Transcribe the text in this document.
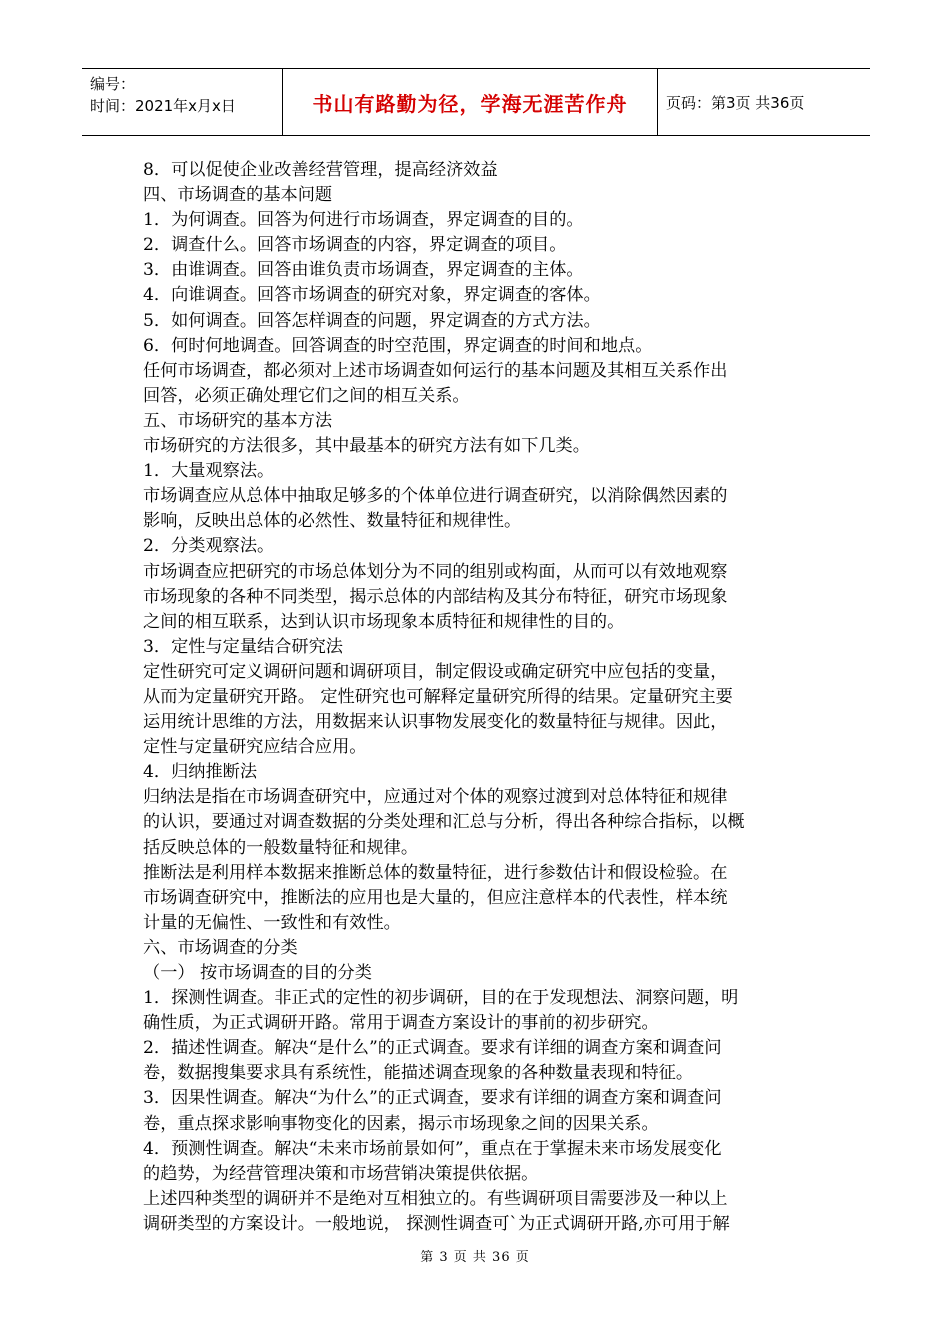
编号：
时间：2021年x月x日	书山有路勤为径，学海无涯苦作舟	页码：第3页 共36页
8．可以促使企业改善经营管理，提高经济效益
四、市场调查的基本问题
1．为何调查。回答为何进行市场调查，界定调查的目的。
2．调查什么。回答市场调查的内容，界定调查的项目。
3．由谁调查。回答由谁负责市场调查，界定调查的主体。
4．向谁调查。回答市场调查的研究对象，界定调查的客体。
5．如何调查。回答怎样调查的问题，界定调查的方式方法。
6．何时何地调查。回答调查的时空范围，界定调查的时间和地点。
任何市场调查，都必须对上述市场调查如何运行的基本问题及其相互关系作出
回答，必须正确处理它们之间的相互关系。
五、市场研究的基本方法
市场研究的方法很多，其中最基本的研究方法有如下几类。
1．大量观察法。
市场调查应从总体中抽取足够多的个体单位进行调查研究，以消除偶然因素的
影响，反映出总体的必然性、数量特征和规律性。
2．分类观察法。
市场调查应把研究的市场总体划分为不同的组别或构面，从而可以有效地观察
市场现象的各种不同类型，揭示总体的内部结构及其分布特征，研究市场现象
之间的相互联系，达到认识市场现象本质特征和规律性的目的。
3．定性与定量结合研究法
定性研究可定义调研问题和调研项目，制定假设或确定研究中应包括的变量，
从而为定量研究开路。 定性研究也可解释定量研究所得的结果。定量研究主要
运用统计思维的方法，用数据来认识事物发展变化的数量特征与规律。因此，
定性与定量研究应结合应用。
4．归纳推断法
归纳法是指在市场调查研究中，应通过对个体的观察过渡到对总体特征和规律
的认识，要通过对调查数据的分类处理和汇总与分析，得出各种综合指标，以概
括反映总体的一般数量特征和规律。
推断法是利用样本数据来推断总体的数量特征，进行参数估计和假设检验。在
市场调查研究中，推断法的应用也是大量的，但应注意样本的代表性，样本统
计量的无偏性、一致性和有效性。
六、市场调查的分类
（一） 按市场调查的目的分类
1．探测性调查。非正式的定性的初步调研，目的在于发现想法、洞察问题，明
确性质，为正式调研开路。常用于调查方案设计的事前的初步研究。
2．描述性调查。解决“是什么”的正式调查。要求有详细的调查方案和调查问
卷，数据搜集要求具有系统性，能描述调查现象的各种数量表现和特征。
3．因果性调查。解决“为什么”的正式调查，要求有详细的调查方案和调查问
卷，重点探求影响事物变化的因素，揭示市场现象之间的因果关系。
4．预测性调查。解决“未来市场前景如何”，重点在于掌握未来市场发展变化
的趋势，为经营管理决策和市场营销决策提供依据。
上述四种类型的调研并不是绝对互相独立的。有些调研项目需要涉及一种以上
调研类型的方案设计。一般地说， 探测性调查可`为正式调研开路,亦可用于解
第 3 页 共 36 页
